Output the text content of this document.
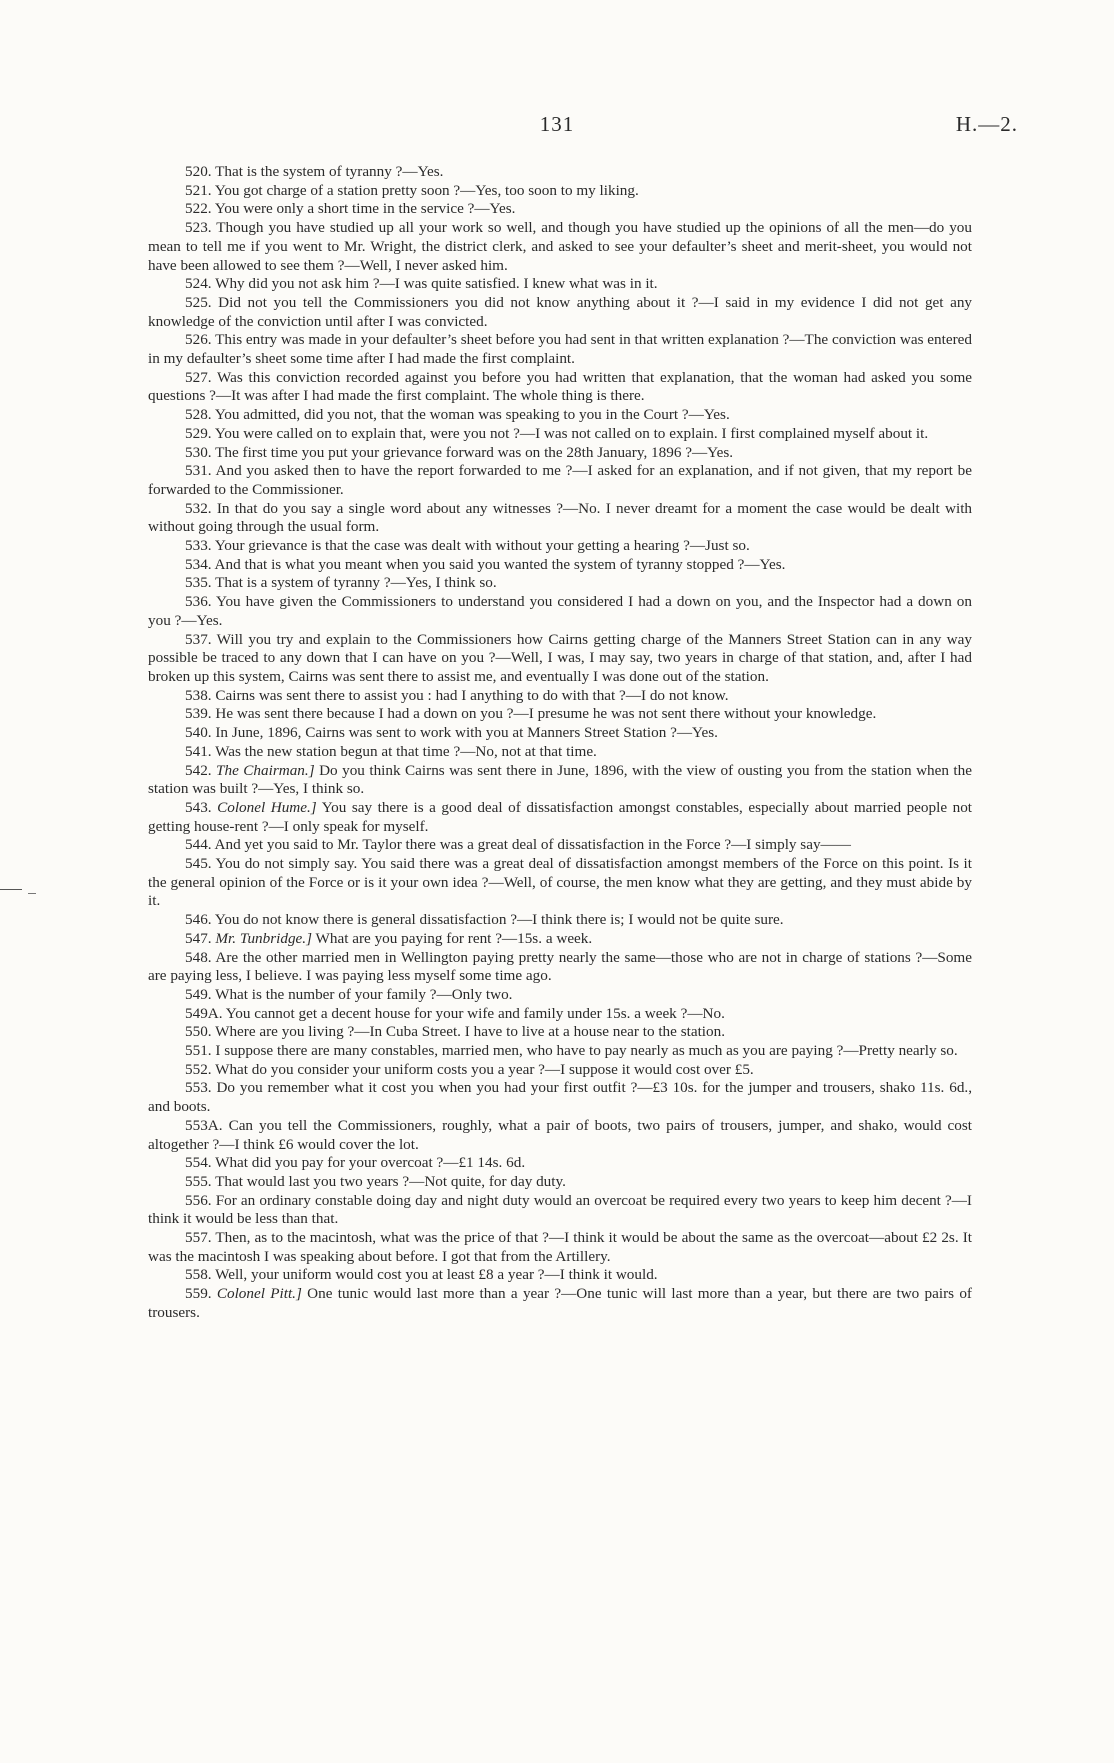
131	H.—2.

520. That is the system of tyranny ?—Yes.

521. You got charge of a station pretty soon ?—Yes, too soon to my liking.

522. You were only a short time in the service ?—Yes.

523. Though you have studied up all your work so well, and though you have studied up the opinions of all the men—do you mean to tell me if you went to Mr. Wright, the district clerk, and asked to see your defaulter’s sheet and merit-sheet, you would not have been allowed to see them ?—Well, I never asked him.

524. Why did you not ask him ?—I was quite satisfied. I knew what was in it.

525. Did not you tell the Commissioners you did not know anything about it ?—I said in my evidence I did not get any knowledge of the conviction until after I was convicted.

526. This entry was made in your defaulter’s sheet before you had sent in that written explanation ?—The conviction was entered in my defaulter’s sheet some time after I had made the first complaint.

527. Was this conviction recorded against you before you had written that explanation, that the woman had asked you some questions ?—It was after I had made the first complaint. The whole thing is there.

528. You admitted, did you not, that the woman was speaking to you in the Court ?—Yes.

529. You were called on to explain that, were you not ?—I was not called on to explain. I first complained myself about it.

530. The first time you put your grievance forward was on the 28th January, 1896 ?—Yes.

531. And you asked then to have the report forwarded to me ?—I asked for an explanation, and if not given, that my report be forwarded to the Commissioner.

532. In that do you say a single word about any witnesses ?—No. I never dreamt for a moment the case would be dealt with without going through the usual form.

533. Your grievance is that the case was dealt with without your getting a hearing ?—Just so.

534. And that is what you meant when you said you wanted the system of tyranny stopped ?—Yes.

535. That is a system of tyranny ?—Yes, I think so.

536. You have given the Commissioners to understand you considered I had a down on you, and the Inspector had a down on you ?—Yes.

537. Will you try and explain to the Commissioners how Cairns getting charge of the Manners Street Station can in any way possible be traced to any down that I can have on you ?—Well, I was, I may say, two years in charge of that station, and, after I had broken up this system, Cairns was sent there to assist me, and eventually I was done out of the station.

538. Cairns was sent there to assist you : had I anything to do with that ?—I do not know.

539. He was sent there because I had a down on you ?—I presume he was not sent there without your knowledge.

540. In June, 1896, Cairns was sent to work with you at Manners Street Station ?—Yes.

541. Was the new station begun at that time ?—No, not at that time.

542. The Chairman.] Do you think Cairns was sent there in June, 1896, with the view of ousting you from the station when the station was built ?—Yes, I think so.

543. Colonel Hume.] You say there is a good deal of dissatisfaction amongst constables, especially about married people not getting house-rent ?—I only speak for myself.

544. And yet you said to Mr. Taylor there was a great deal of dissatisfaction in the Force ?—I simply say——

545. You do not simply say. You said there was a great deal of dissatisfaction amongst members of the Force on this point. Is it the general opinion of the Force or is it your own idea ?—Well, of course, the men know what they are getting, and they must abide by it.

546. You do not know there is general dissatisfaction ?—I think there is; I would not be quite sure.

547. Mr. Tunbridge.] What are you paying for rent ?—15s. a week.

548. Are the other married men in Wellington paying pretty nearly the same—those who are not in charge of stations ?—Some are paying less, I believe. I was paying less myself some time ago.

549. What is the number of your family ?—Only two.

549A. You cannot get a decent house for your wife and family under 15s. a week ?—No.

550. Where are you living ?—In Cuba Street. I have to live at a house near to the station.

551. I suppose there are many constables, married men, who have to pay nearly as much as you are paying ?—Pretty nearly so.

552. What do you consider your uniform costs you a year ?—I suppose it would cost over £5.

553. Do you remember what it cost you when you had your first outfit ?—£3 10s. for the jumper and trousers, shako 11s. 6d., and boots.

553A. Can you tell the Commissioners, roughly, what a pair of boots, two pairs of trousers, jumper, and shako, would cost altogether ?—I think £6 would cover the lot.

554. What did you pay for your overcoat ?—£1 14s. 6d.

555. That would last you two years ?—Not quite, for day duty.

556. For an ordinary constable doing day and night duty would an overcoat be required every two years to keep him decent ?—I think it would be less than that.

557. Then, as to the macintosh, what was the price of that ?—I think it would be about the same as the overcoat—about £2 2s. It was the macintosh I was speaking about before. I got that from the Artillery.

558. Well, your uniform would cost you at least £8 a year ?—I think it would.

559. Colonel Pitt.] One tunic would last more than a year ?—One tunic will last more than a year, but there are two pairs of trousers.
